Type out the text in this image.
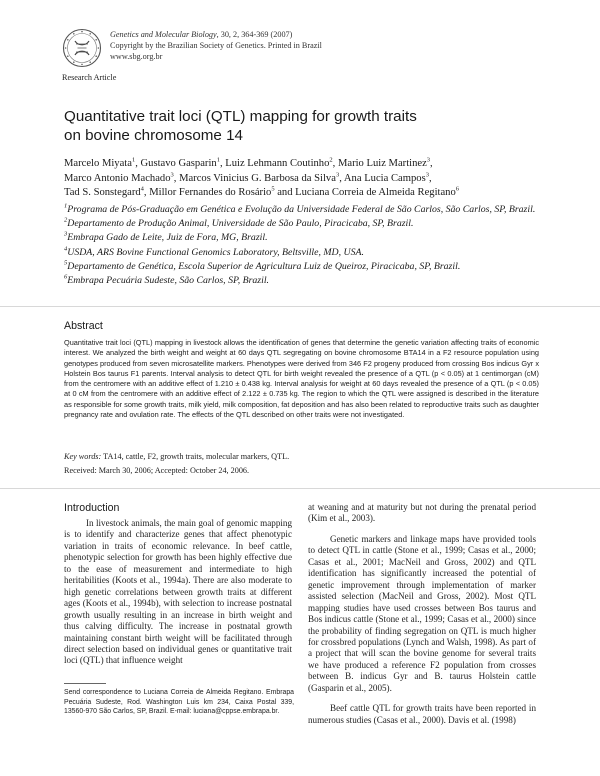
Genetics and Molecular Biology, 30, 2, 364-369 (2007)
Copyright by the Brazilian Society of Genetics. Printed in Brazil
www.sbg.org.br
Research Article
Quantitative trait loci (QTL) mapping for growth traits
on bovine chromosome 14
Marcelo Miyata$^1$, Gustavo Gasparin$^1$, Luiz Lehmann Coutinho$^2$, Mario Luiz Martinez$^3$,
Marco Antonio Machado$^3$, Marcos Vinicius G. Barbosa da Silva$^3$, Ana Lucia Campos$^3$,
Tad S. Sonstegard$^4$, Millor Fernandes do Rosário$^5$ and Luciana Correia de Almeida Regitano$^6$
$^1$Programa de Pós-Graduação em Genética e Evolução da Universidade Federal de São Carlos, São Carlos, SP, Brazil.
$^2$Departamento de Produção Animal, Universidade de São Paulo, Piracicaba, SP, Brazil.
$^3$Embrapa Gado de Leite, Juiz de Fora, MG, Brazil.
$^4$USDA, ARS Bovine Functional Genomics Laboratory, Beltsville, MD, USA.
$^5$Departamento de Genética, Escola Superior de Agricultura Luiz de Queiroz, Piracicaba, SP, Brazil.
$^6$Embrapa Pecuária Sudeste, São Carlos, SP, Brazil.
Abstract
Quantitative trait loci (QTL) mapping in livestock allows the identification of genes that determine the genetic variation affecting traits of economic interest. We analyzed the birth weight and weight at 60 days QTL segregating on bovine chromosome BTA14 in a F2 resource population using genotypes produced from seven microsatellite markers. Phenotypes were derived from 346 F2 progeny produced from crossing Bos indicus Gyr x Holstein Bos taurus F1 parents. Interval analysis to detect QTL for birth weight revealed the presence of a QTL (p < 0.05) at 1 centimorgan (cM) from the centromere with an additive effect of 1.210 ± 0.438 kg. Interval analysis for weight at 60 days revealed the presence of a QTL (p < 0.05) at 0 cM from the centromere with an additive effect of 2.122 ± 0.735 kg. The region to which the QTL were assigned is described in the literature as responsible for some growth traits, milk yield, milk composition, fat deposition and has also been related to reproductive traits such as daughter pregnancy rate and ovulation rate. The effects of the QTL described on other traits were not investigated.
Key words: TA14, cattle, F2, growth traits, molecular markers, QTL.
Received: March 30, 2006; Accepted: October 24, 2006.
Introduction

In livestock animals, the main goal of genomic mapping is to identify and characterize genes that affect phenotypic variation in traits of economic relevance. In beef cattle, phenotypic selection for growth has been highly effective due to the ease of measurement and intermediate to high heritabilities (Koots et al., 1994a). There are also moderate to high genetic correlations between growth traits at different ages (Koots et al., 1994b), with selection to increase postnatal growth usually resulting in an increase in birth weight and thus calving difficulty. The increase in postnatal growth maintaining constant birth weight will be facilitated through direct selection based on individual genes or quantitative trait loci (QTL) that influence weight

at weaning and at maturity but not during the prenatal period (Kim et al., 2003).

Genetic markers and linkage maps have provided tools to detect QTL in cattle (Stone et al., 1999; Casas et al., 2000; Casas et al., 2001; MacNeil and Gross, 2002) and QTL identification has significantly increased the potential of genetic improvement through implementation of marker assisted selection (MacNeil and Gross, 2002). Most QTL mapping studies have used crosses between Bos taurus and Bos indicus cattle (Stone et al., 1999; Casas et al., 2000) since the probability of finding segregation on QTL is much higher for crossbred populations (Lynch and Walsh, 1998). As part of a project that will scan the bovine genome for several traits we have produced a reference F2 population from crosses between B. indicus Gyr and B. taurus Holstein cattle (Gasparin et al., 2005).

Beef cattle QTL for growth traits have been reported in numerous studies (Casas et al., 2000). Davis et al. (1998)

Send correspondence to Luciana Correia de Almeida Regitano. Embrapa Pecuária Sudeste, Rod. Washington Luis km 234, Caixa Postal 339, 13560-970 São Carlos, SP, Brazil. E-mail: luciana@cppse.embrapa.br.
